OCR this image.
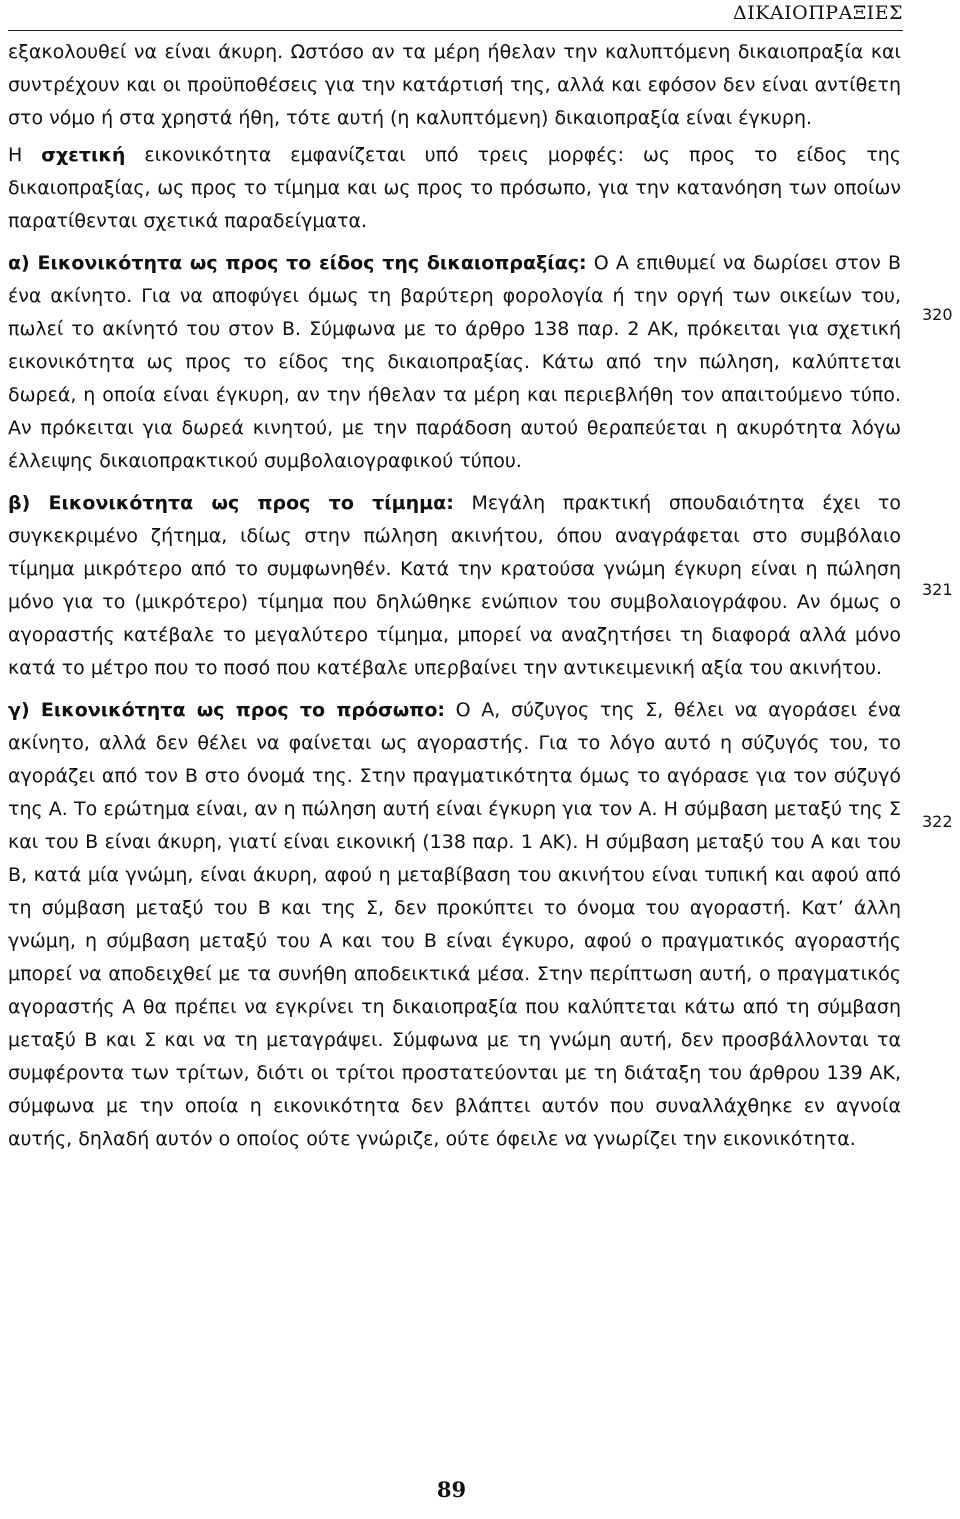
ΔΙΚΑΙΟΠΡΑΞΙΕΣ

εξακολουθεί να είναι άκυρη. Ωστόσο αν τα μέρη ήθελαν την καλυπτόμενη δικαιοπραξία και συντρέχουν και οι προϋποθέσεις για την κατάρτισή της, αλλά και εφόσον δεν είναι αντίθετη στο νόμο ή στα χρηστά ήθη, τότε αυτή (η καλυπτόμενη) δικαιοπραξία είναι έγκυρη.

Η σχετική εικονικότητα εμφανίζεται υπό τρεις μορφές: ως προς το είδος της δικαιοπραξίας, ως προς το τίμημα και ως προς το πρόσωπο, για την κατανόηση των οποίων παρατίθενται σχετικά παραδείγματα.

α) Εικονικότητα ως προς το είδος της δικαιοπραξίας: Ο Α επιθυμεί να δωρίσει στον Β ένα ακίνητο. Για να αποφύγει όμως τη βαρύτερη φορολογία ή την οργή των οικείων του, πωλεί το ακίνητό του στον Β. Σύμφωνα με το άρθρο 138 παρ. 2 ΑΚ, πρόκειται για σχετική εικονικότητα ως προς το είδος της δικαιοπραξίας. Κάτω από την πώληση, καλύπτεται δωρεά, η οποία είναι έγκυρη, αν την ήθελαν τα μέρη και περιεβλήθη τον απαιτούμενο τύπο. Αν πρόκειται για δωρεά κινητού, με την παράδοση αυτού θεραπεύεται η ακυρότητα λόγω έλλειψης δικαιοπρακτικού συμβολαιογραφικού τύπου.

β) Εικονικότητα ως προς το τίμημα: Μεγάλη πρακτική σπουδαιότητα έχει το συγκεκριμένο ζήτημα, ιδίως στην πώληση ακινήτου, όπου αναγράφεται στο συμβόλαιο τίμημα μικρότερο από το συμφωνηθέν. Κατά την κρατούσα γνώμη έγκυρη είναι η πώληση μόνο για το (μικρότερο) τίμημα που δηλώθηκε ενώπιον του συμβολαιογράφου. Αν όμως ο αγοραστής κατέβαλε το μεγαλύτερο τίμημα, μπορεί να αναζητήσει τη διαφορά αλλά μόνο κατά το μέτρο που το ποσό που κατέβαλε υπερβαίνει την αντικειμενική αξία του ακινήτου.

γ) Εικονικότητα ως προς το πρόσωπο: Ο Α, σύζυγος της Σ, θέλει να αγοράσει ένα ακίνητο, αλλά δεν θέλει να φαίνεται ως αγοραστής. Για το λόγο αυτό η σύζυγός του, το αγοράζει από τον Β στο όνομά της. Στην πραγματικότητα όμως το αγόρασε για τον σύζυγό της Α. Το ερώτημα είναι, αν η πώληση αυτή είναι έγκυρη για τον Α. Η σύμβαση μεταξύ της Σ και του Β είναι άκυρη, γιατί είναι εικονική (138 παρ. 1 ΑΚ). Η σύμβαση μεταξύ του Α και του Β, κατά μία γνώμη, είναι άκυρη, αφού η μεταβίβαση του ακινήτου είναι τυπική και αφού από τη σύμβαση μεταξύ του Β και της Σ, δεν προκύπτει το όνομα του αγοραστή. Κατ’ άλλη γνώμη, η σύμβαση μεταξύ του Α και του Β είναι έγκυρο, αφού ο πραγματικός αγοραστής μπορεί να αποδειχθεί με τα συνήθη αποδεικτικά μέσα. Στην περίπτωση αυτή, ο πραγματικός αγοραστής Α θα πρέπει να εγκρίνει τη δικαιοπραξία που καλύπτεται κάτω από τη σύμβαση μεταξύ Β και Σ και να τη μεταγράψει. Σύμφωνα με τη γνώμη αυτή, δεν προσβάλλονται τα συμφέροντα των τρίτων, διότι οι τρίτοι προστατεύονται με τη διάταξη του άρθρου 139 ΑΚ, σύμφωνα με την οποία η εικονικότητα δεν βλάπτει αυτόν που συναλλάχθηκε εν αγνοία αυτής, δηλαδή αυτόν ο οποίος ούτε γνώριζε, ούτε όφειλε να γνωρίζει την εικονικότητα.

320
321
322
89
